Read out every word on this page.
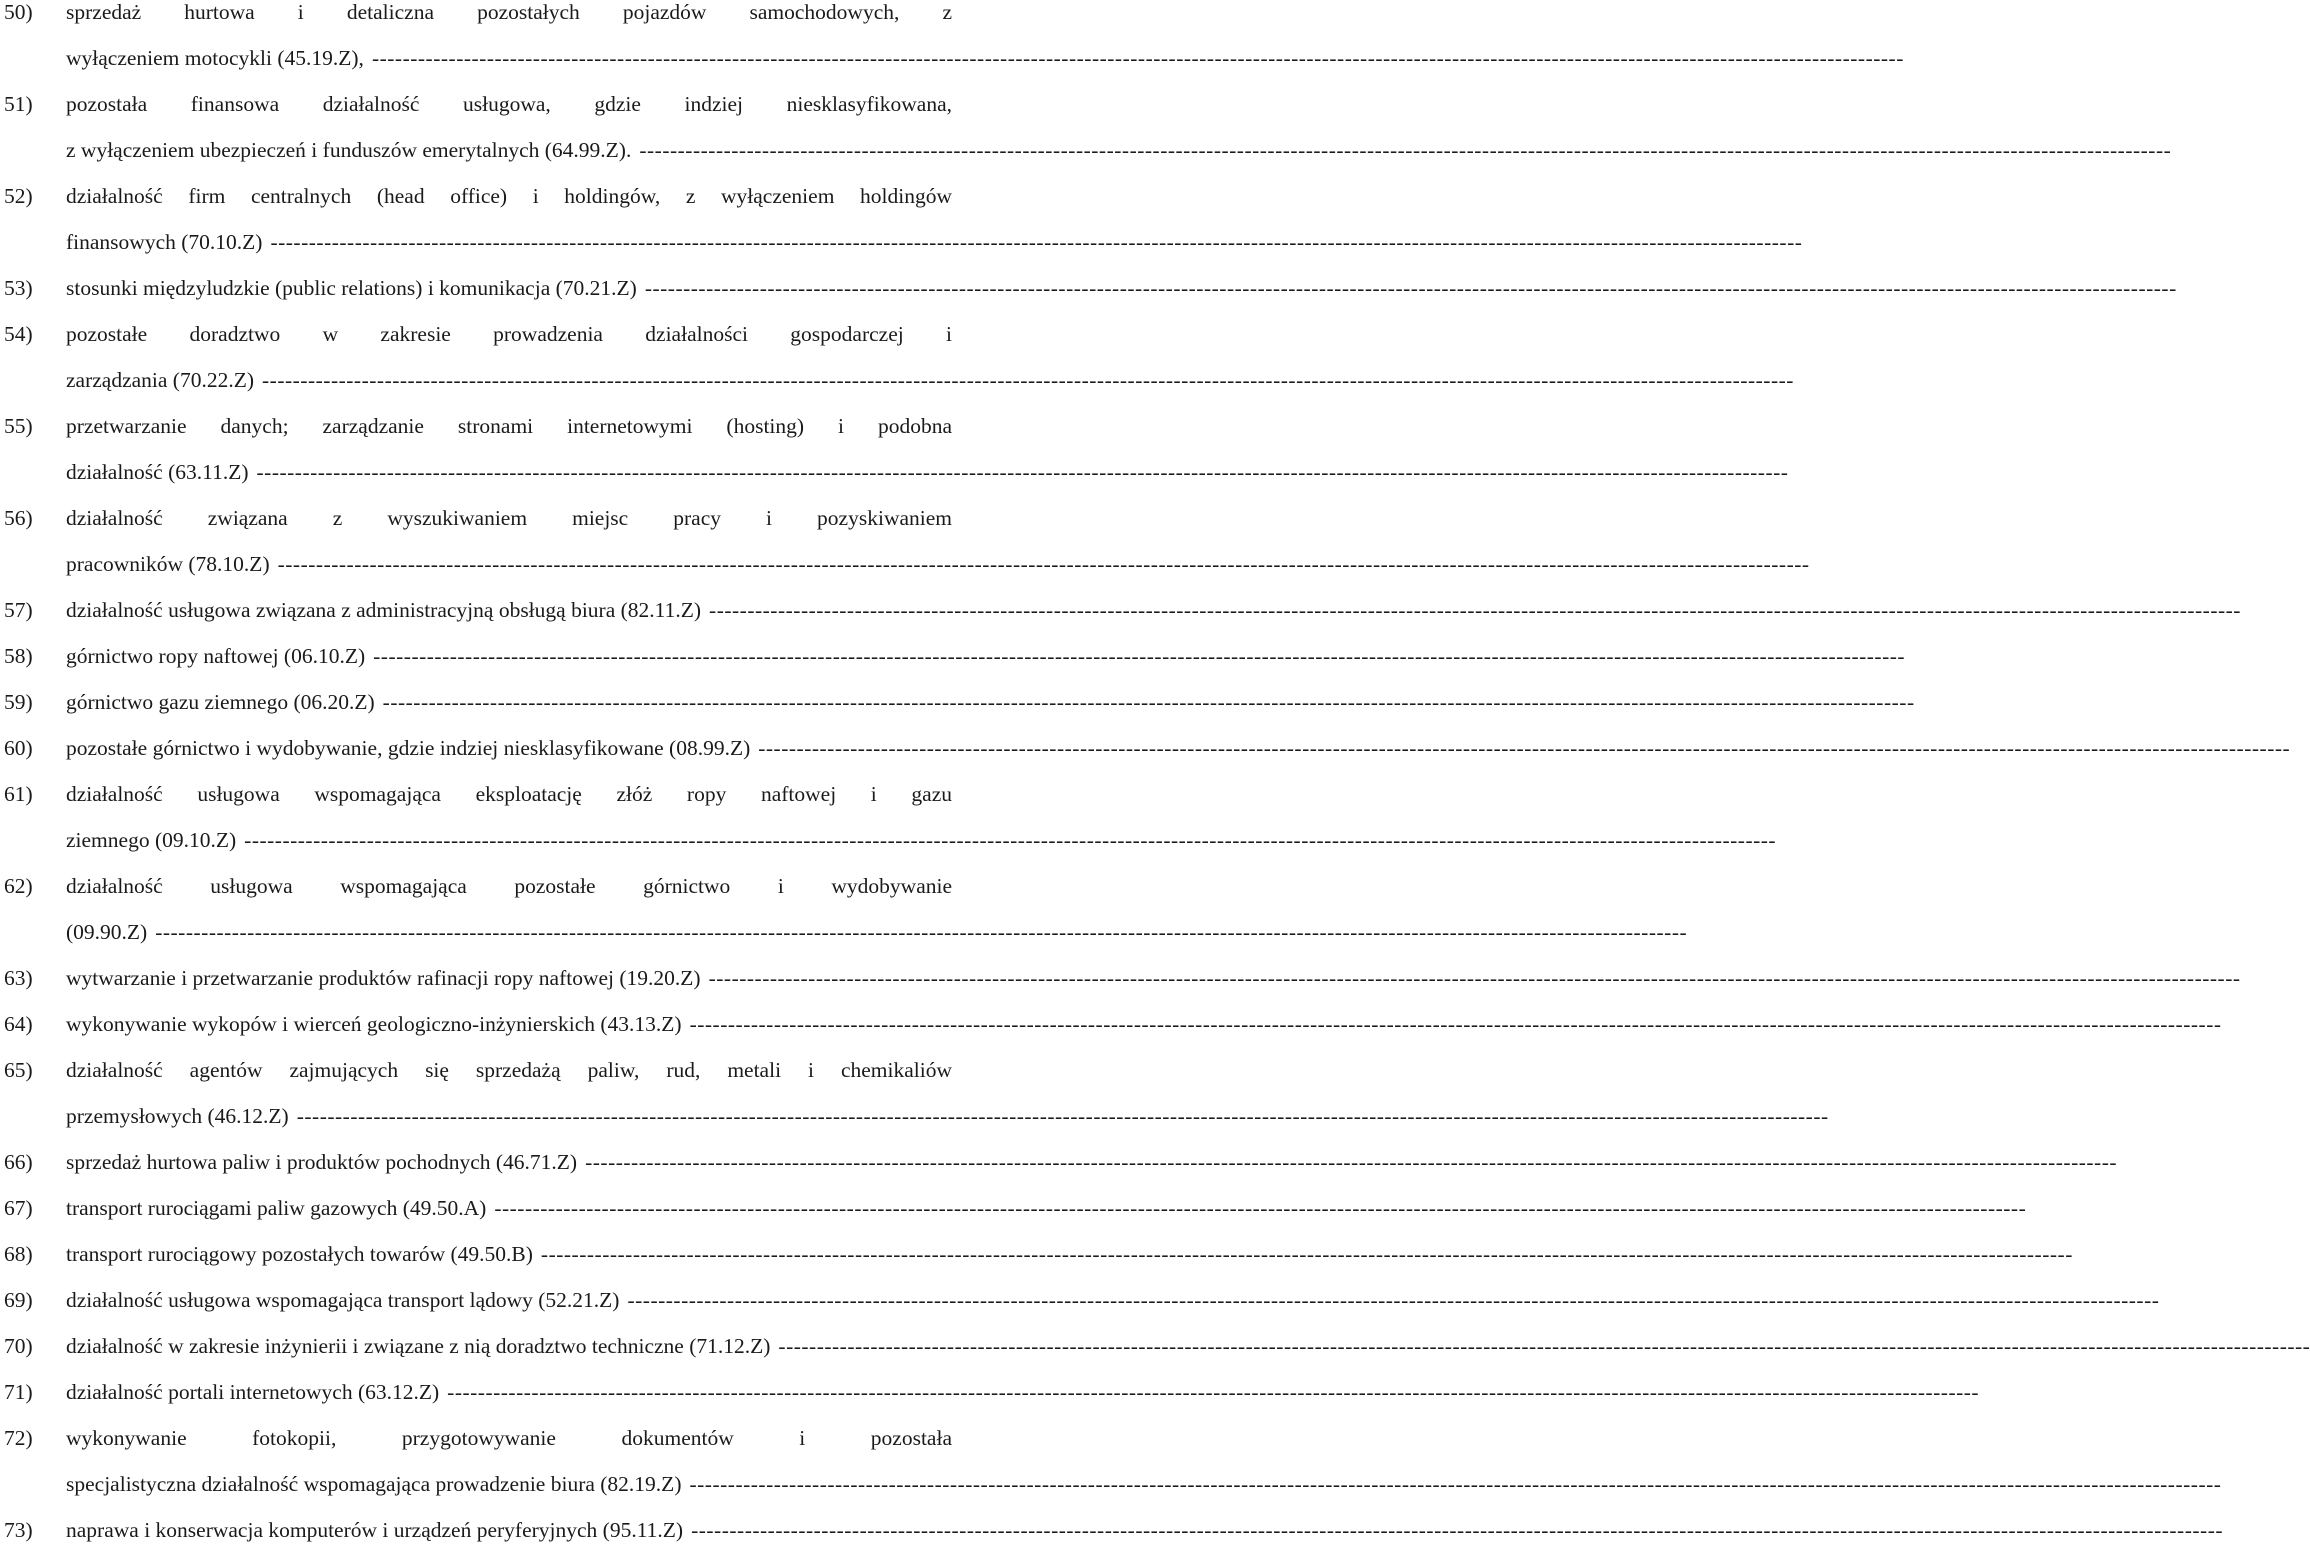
50) sprzedaż hurtowa i detaliczna pozostałych pojazdów samochodowych, z
wyłączeniem motocykli (45.19.Z), --------------------------------------------------------------------------------------------------------------------------------------------------------------------------------------------------------
51) pozostała finansowa działalność usługowa, gdzie indziej niesklasyfikowana,
z wyłączeniem ubezpieczeń i funduszów emerytalnych (64.99.Z). --------------------------------------------------------------------------------------------------------------------------------------------------------------------------------------------------------
52) działalność firm centralnych (head office) i holdingów, z wyłączeniem holdingów
finansowych (70.10.Z) --------------------------------------------------------------------------------------------------------------------------------------------------------------------------------------------------------
53) stosunki międzyludzkie (public relations) i komunikacja (70.21.Z) --------------------------------------------------------------------------------------------------------------------------------------------------------------------------------------------------------
54) pozostałe doradztwo w zakresie prowadzenia działalności gospodarczej i
zarządzania (70.22.Z) --------------------------------------------------------------------------------------------------------------------------------------------------------------------------------------------------------
55) przetwarzanie danych; zarządzanie stronami internetowymi (hosting) i podobna
działalność (63.11.Z) --------------------------------------------------------------------------------------------------------------------------------------------------------------------------------------------------------
56) działalność związana z wyszukiwaniem miejsc pracy i pozyskiwaniem
pracowników (78.10.Z) --------------------------------------------------------------------------------------------------------------------------------------------------------------------------------------------------------
57) działalność usługowa związana z administracyjną obsługą biura (82.11.Z) --------------------------------------------------------------------------------------------------------------------------------------------------------------------------------------------------------
58) górnictwo ropy naftowej (06.10.Z) --------------------------------------------------------------------------------------------------------------------------------------------------------------------------------------------------------
59) górnictwo gazu ziemnego (06.20.Z) --------------------------------------------------------------------------------------------------------------------------------------------------------------------------------------------------------
60) pozostałe górnictwo i wydobywanie, gdzie indziej niesklasyfikowane (08.99.Z) --------------------------------------------------------------------------------------------------------------------------------------------------------------------------------------------------------
61) działalność usługowa wspomagająca eksploatację złóż ropy naftowej i gazu
ziemnego (09.10.Z) --------------------------------------------------------------------------------------------------------------------------------------------------------------------------------------------------------
62) działalność usługowa wspomagająca pozostałe górnictwo i wydobywanie
(09.90.Z) --------------------------------------------------------------------------------------------------------------------------------------------------------------------------------------------------------
63) wytwarzanie i przetwarzanie produktów rafinacji ropy naftowej (19.20.Z) --------------------------------------------------------------------------------------------------------------------------------------------------------------------------------------------------------
64) wykonywanie wykopów i wierceń geologiczno-inżynierskich (43.13.Z) --------------------------------------------------------------------------------------------------------------------------------------------------------------------------------------------------------
65) działalność agentów zajmujących się sprzedażą paliw, rud, metali i chemikaliów
przemysłowych (46.12.Z) --------------------------------------------------------------------------------------------------------------------------------------------------------------------------------------------------------
66) sprzedaż hurtowa paliw i produktów pochodnych (46.71.Z) --------------------------------------------------------------------------------------------------------------------------------------------------------------------------------------------------------
67) transport rurociągami paliw gazowych (49.50.A) --------------------------------------------------------------------------------------------------------------------------------------------------------------------------------------------------------
68) transport rurociągowy pozostałych towarów (49.50.B) --------------------------------------------------------------------------------------------------------------------------------------------------------------------------------------------------------
69) działalność usługowa wspomagająca transport lądowy (52.21.Z) --------------------------------------------------------------------------------------------------------------------------------------------------------------------------------------------------------
70) działalność w zakresie inżynierii i związane z nią doradztwo techniczne (71.12.Z) --------------------------------------------------------------------------------------------------------------------------------------------------------------------------------------------------------
71) działalność portali internetowych (63.12.Z) --------------------------------------------------------------------------------------------------------------------------------------------------------------------------------------------------------
72) wykonywanie fotokopii, przygotowywanie dokumentów i pozostała
specjalistyczna działalność wspomagająca prowadzenie biura (82.19.Z) --------------------------------------------------------------------------------------------------------------------------------------------------------------------------------------------------------
73) naprawa i konserwacja komputerów i urządzeń peryferyjnych (95.11.Z) --------------------------------------------------------------------------------------------------------------------------------------------------------------------------------------------------------
